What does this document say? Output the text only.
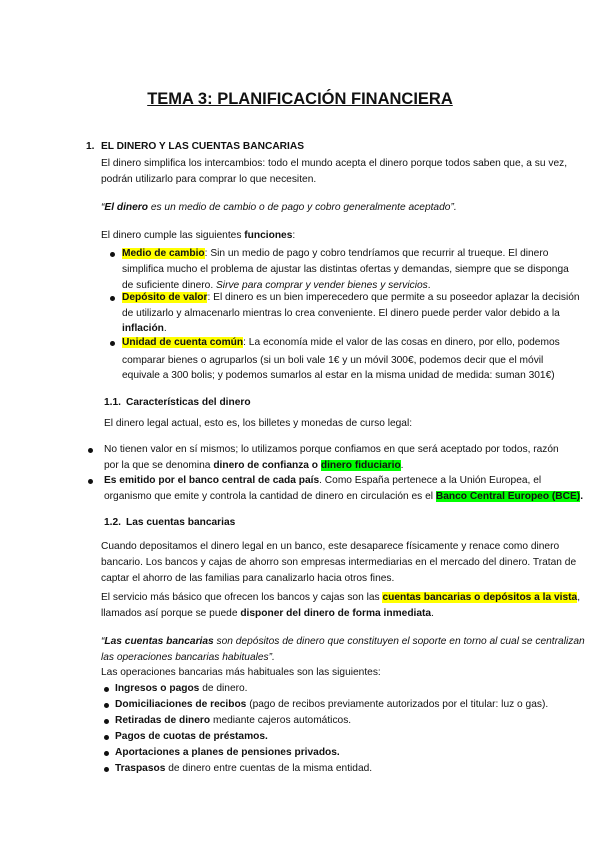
TEMA 3: PLANIFICACIÓN FINANCIERA
1. EL DINERO Y LAS CUENTAS BANCARIAS
El dinero simplifica los intercambios: todo el mundo acepta el dinero porque todos saben que, a su vez,
podrán utilizarlo para comprar lo que necesiten.
“El dinero es un medio de cambio o de pago y cobro generalmente aceptado”.
El dinero cumple las siguientes funciones:
Medio de cambio: Sin un medio de pago y cobro tendríamos que recurrir al trueque. El dinero
simplifica mucho el problema de ajustar las distintas ofertas y demandas, siempre que se disponga
de suficiente dinero. Sirve para comprar y vender bienes y servicios.
Depósito de valor: El dinero es un bien imperecedero que permite a su poseedor aplazar la decisión
de utilizarlo y almacenarlo mientras lo crea conveniente. El dinero puede perder valor debido a la
inflación.
Unidad de cuenta común: La economía mide el valor de las cosas en dinero, por ello, podemos
comparar bienes o agruparlos (si un boli vale 1€ y un móvil 300€, podemos decir que el móvil
equivale a 300 bolis; y podemos sumarlos al estar en la misma unidad de medida: suman 301€)
1.1. Características del dinero
El dinero legal actual, esto es, los billetes y monedas de curso legal:
No tienen valor en sí mismos; lo utilizamos porque confiamos en que será aceptado por todos, razón
por la que se denomina dinero de confianza o dinero fiduciario.
Es emitido por el banco central de cada país. Como España pertenece a la Unión Europea, el
organismo que emite y controla la cantidad de dinero en circulación es el Banco Central Europeo (BCE).
1.2. Las cuentas bancarias
Cuando depositamos el dinero legal en un banco, este desaparece físicamente y renace como dinero
bancario. Los bancos y cajas de ahorro son empresas intermediarias en el mercado del dinero. Tratan de
captar el ahorro de las familias para canalizarlo hacia otros fines.
El servicio más básico que ofrecen los bancos y cajas son las cuentas bancarias o depósitos a la vista,
llamados así porque se puede disponer del dinero de forma inmediata.
“Las cuentas bancarias son depósitos de dinero que constituyen el soporte en torno al cual se centralizan
las operaciones bancarias habituales”.
Las operaciones bancarias más habituales son las siguientes:
Ingresos o pagos de dinero.
Domiciliaciones de recibos (pago de recibos previamente autorizados por el titular: luz o gas).
Retiradas de dinero mediante cajeros automáticos.
Pagos de cuotas de préstamos.
Aportaciones a planes de pensiones privados.
Traspasos de dinero entre cuentas de la misma entidad.
